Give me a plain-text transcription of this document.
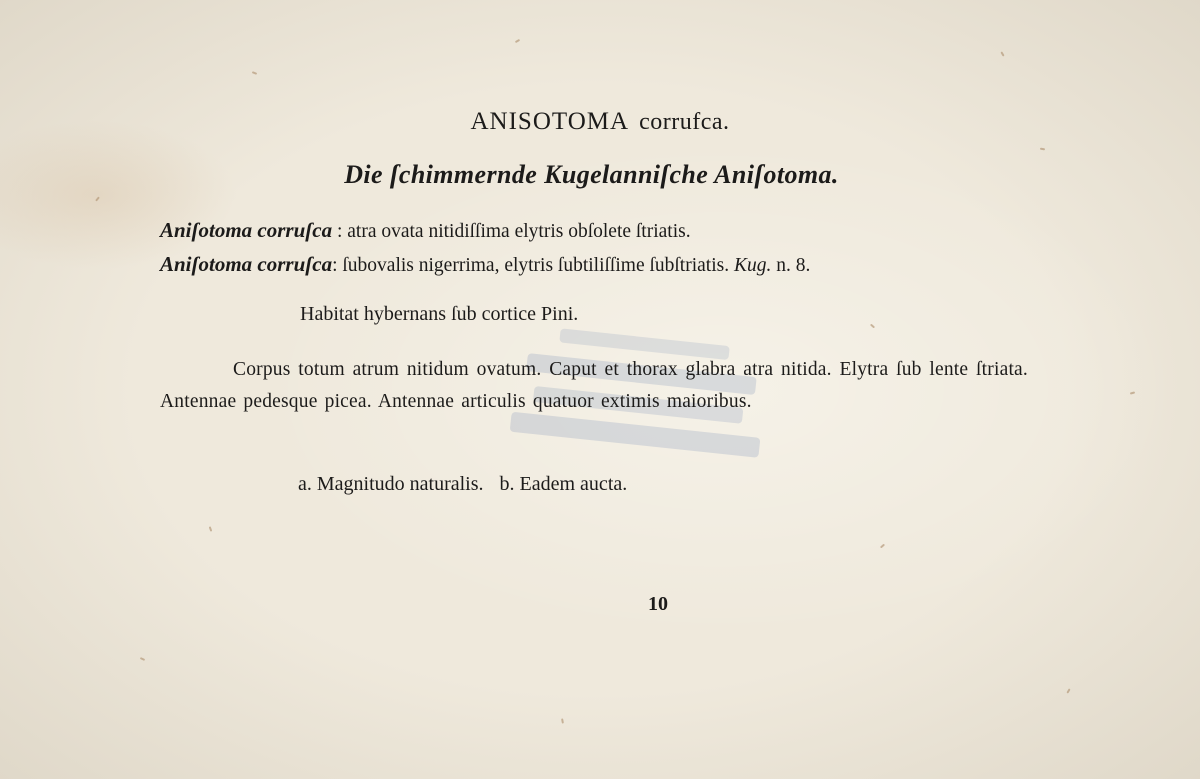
ANISOTOMA corrufca.
Die ſchimmernde Kugelanniſche Aniſotoma.
Aniſotoma corruſca : atra ovata nitidiſſima elytris obſolete ſtriatis.
Aniſotoma corruſca: ſubovalis nigerrima, elytris ſubtiliſſime ſubſtriatis. Kug. n. 8.
Habitat hybernans ſub cortice Pini.
Corpus totum atrum nitidum ovatum. Caput et thorax glabra atra nitida. Elytra ſub lente ſtriata. Antennae pedesque picea. Antennae articulis quatuor extimis maioribus.
a. Magnitudo naturalis. b. Eadem aucta.
10
